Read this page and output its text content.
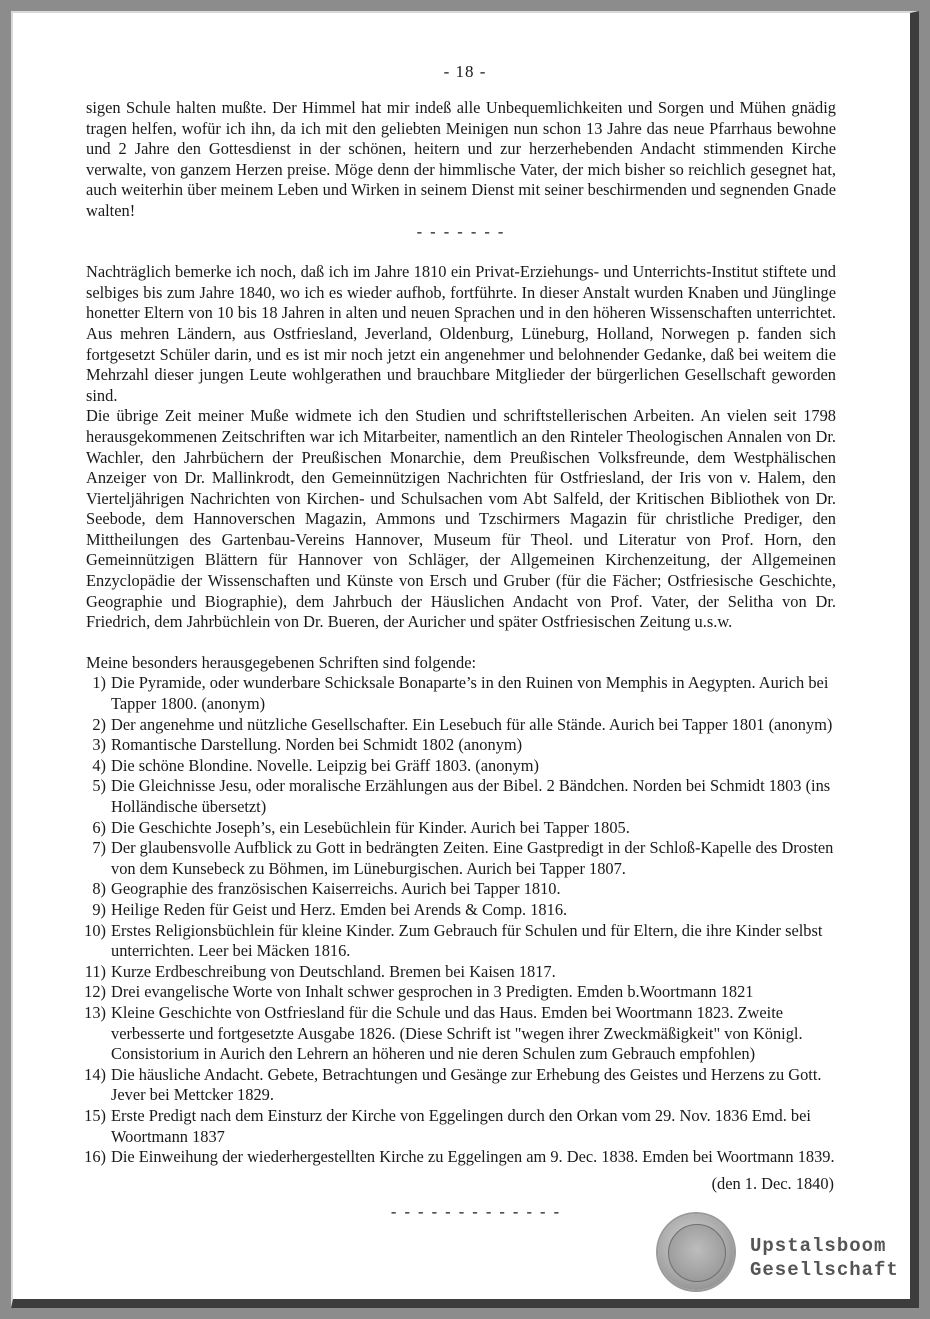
- 18 -

sigen Schule halten mußte. Der Himmel hat mir indeß alle Unbequemlichkeiten und Sorgen und Mühen gnädig tragen helfen, wofür ich ihn, da ich mit den geliebten Meinigen nun schon 13 Jahre das neue Pfarrhaus bewohne und 2 Jahre den Gottesdienst in der schönen, heitern und zur herzerhebenden Andacht stimmenden Kirche verwalte, von ganzem Herzen preise. Möge denn der himmlische Vater, der mich bisher so reichlich gesegnet hat, auch weiterhin über meinem Leben und Wirken in seinem Dienst mit seiner beschirmenden und segnenden Gnade walten!

- - - - - - -

Nachträglich bemerke ich noch, daß ich im Jahre 1810 ein Privat-Erziehungs- und Unterrichts-Institut stiftete und selbiges bis zum Jahre 1840, wo ich es wieder aufhob, fortführte. In dieser Anstalt wurden Knaben und Jünglinge honetter Eltern von 10 bis 18 Jahren in alten und neuen Sprachen und in den höheren Wissenschaften unterrichtet. Aus mehren Ländern, aus Ostfriesland, Jeverland, Oldenburg, Lüneburg, Holland, Norwegen p. fanden sich fortgesetzt Schüler darin, und es ist mir noch jetzt ein angenehmer und belohnender Gedanke, daß bei weitem die Mehrzahl dieser jungen Leute wohlgerathen und brauchbare Mitglieder der bürgerlichen Gesellschaft geworden sind.

Die übrige Zeit meiner Muße widmete ich den Studien und schriftstellerischen Arbeiten. An vielen seit 1798 herausgekommenen Zeitschriften war ich Mitarbeiter, namentlich an den Rinteler Theologischen Annalen von Dr. Wachler, den Jahrbüchern der Preußischen Monarchie, dem Preußischen Volksfreunde, dem Westphälischen Anzeiger von Dr. Mallinkrodt, den Gemeinnützigen Nachrichten für Ostfriesland, der Iris von v. Halem, den Vierteljährigen Nachrichten von Kirchen- und Schulsachen vom Abt Salfeld, der Kritischen Bibliothek von Dr. Seebode, dem Hannoverschen Magazin, Ammons und Tzschirmers Magazin für christliche Prediger, den Mittheilungen des Gartenbau-Vereins Hannover, Museum für Theol. und Literatur von Prof. Horn, den Gemeinnützigen Blättern für Hannover von Schläger, der Allgemeinen Kirchenzeitung, der Allgemeinen Enzyclopädie der Wissenschaften und Künste von Ersch und Gruber (für die Fächer; Ostfriesische Geschichte, Geographie und Biographie), dem Jahrbuch der Häuslichen Andacht von Prof. Vater, der Selitha von Dr. Friedrich, dem Jahrbüchlein von Dr. Bueren, der Auricher und später Ostfriesischen Zeitung u.s.w.

Meine besonders herausgegebenen Schriften sind folgende:

1) Die Pyramide, oder wunderbare Schicksale Bonaparte’s in den Ruinen von Memphis in Aegypten. Aurich bei Tapper 1800. (anonym)
2) Der angenehme und nützliche Gesellschafter. Ein Lesebuch für alle Stände. Aurich bei Tapper 1801 (anonym)
3) Romantische Darstellung. Norden bei Schmidt 1802 (anonym)
4) Die schöne Blondine. Novelle. Leipzig bei Gräff 1803. (anonym)
5) Die Gleichnisse Jesu, oder moralische Erzählungen aus der Bibel. 2 Bändchen. Norden bei Schmidt 1803 (ins Holländische übersetzt)
6) Die Geschichte Joseph’s, ein Lesebüchlein für Kinder. Aurich bei Tapper 1805.
7) Der glaubensvolle Aufblick zu Gott in bedrängten Zeiten. Eine Gastpredigt in der Schloß-Kapelle des Drosten von dem Kunsebeck zu Böhmen, im Lüneburgischen. Aurich bei Tapper 1807.
8) Geographie des französischen Kaiserreichs. Aurich bei Tapper 1810.
9) Heilige Reden für Geist und Herz. Emden bei Arends & Comp. 1816.
10) Erstes Religionsbüchlein für kleine Kinder. Zum Gebrauch für Schulen und für Eltern, die ihre Kinder selbst unterrichten. Leer bei Mäcken 1816.
11) Kurze Erdbeschreibung von Deutschland. Bremen bei Kaisen 1817.
12) Drei evangelische Worte von Inhalt schwer gesprochen in 3 Predigten. Emden b.Woortmann 1821
13) Kleine Geschichte von Ostfriesland für die Schule und das Haus. Emden bei Woortmann 1823. Zweite verbesserte und fortgesetzte Ausgabe 1826. (Diese Schrift ist "wegen ihrer Zweckmäßigkeit" von Königl. Consistorium in Aurich den Lehrern an höheren und nie deren Schulen zum Gebrauch empfohlen)
14) Die häusliche Andacht. Gebete, Betrachtungen und Gesänge zur Erhebung des Geistes und Herzens zu Gott. Jever bei Mettcker 1829.
15) Erste Predigt nach dem Einsturz der Kirche von Eggelingen durch den Orkan vom 29. Nov. 1836 Emd. bei Woortmann 1837
16) Die Einweihung der wiederhergestellten Kirche zu Eggelingen am 9. Dec. 1838. Emden bei Woortmann 1839.

(den 1. Dec. 1840)

- - - - - - - - - - - - -

Upstalsboom
Gesellschaft
